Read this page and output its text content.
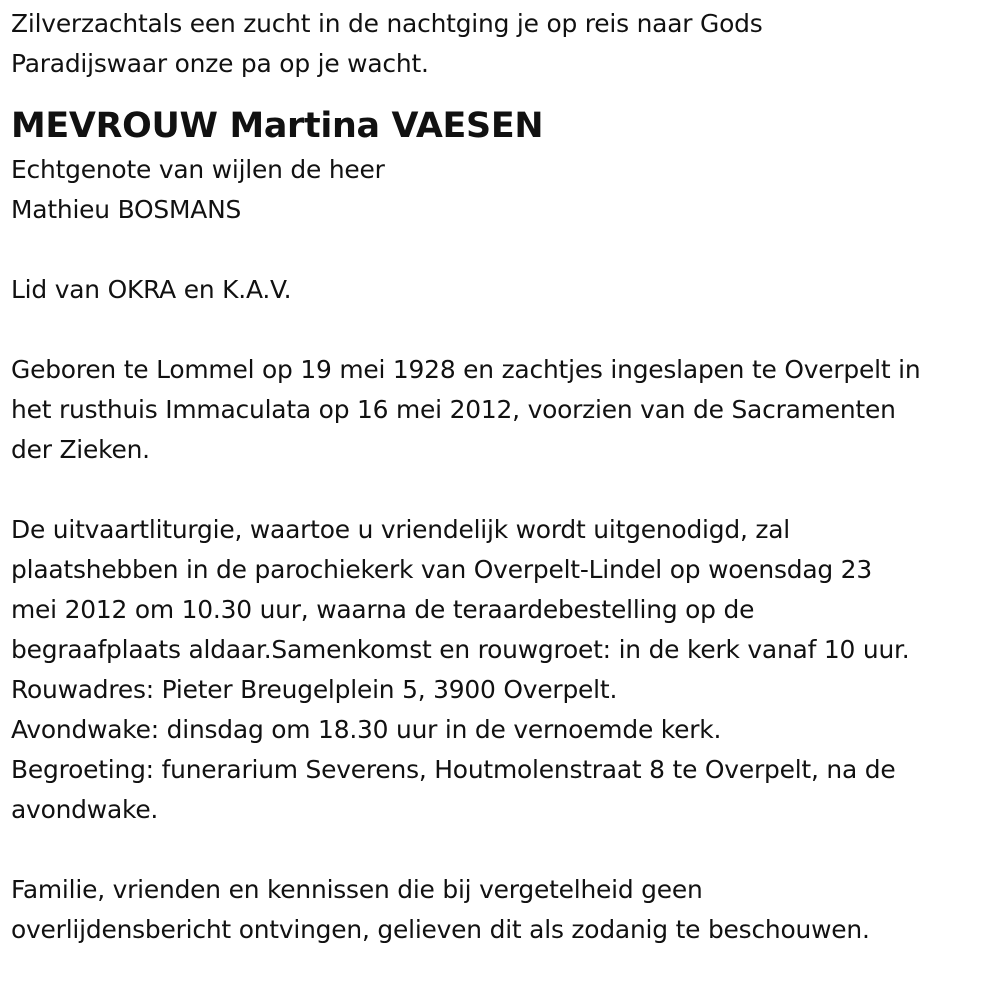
Zilverzachtals een zucht in de nachtging je op reis naar Gods
Paradijswaar onze pa op je wacht.
MEVROUW Martina VAESEN
Echtgenote van wijlen de heer
Mathieu BOSMANS
Lid van OKRA en K.A.V.
Geboren te Lommel op 19 mei 1928 en zachtjes ingeslapen te Overpelt in
het rusthuis Immaculata op 16 mei 2012, voorzien van de Sacramenten
der Zieken.
De uitvaartliturgie, waartoe u vriendelijk wordt uitgenodigd, zal
plaatshebben in de parochiekerk van Overpelt-Lindel op woensdag 23
mei 2012 om 10.30 uur, waarna de teraardebestelling op de
begraafplaats aldaar.Samenkomst en rouwgroet: in de kerk vanaf 10 uur.
Rouwadres: Pieter Breugelplein 5, 3900 Overpelt.
Avondwake: dinsdag om 18.30 uur in de vernoemde kerk.
Begroeting: funerarium Severens, Houtmolenstraat 8 te Overpelt, na de
avondwake.
Familie, vrienden en kennissen die bij vergetelheid geen
overlijdensbericht ontvingen, gelieven dit als zodanig te beschouwen.
